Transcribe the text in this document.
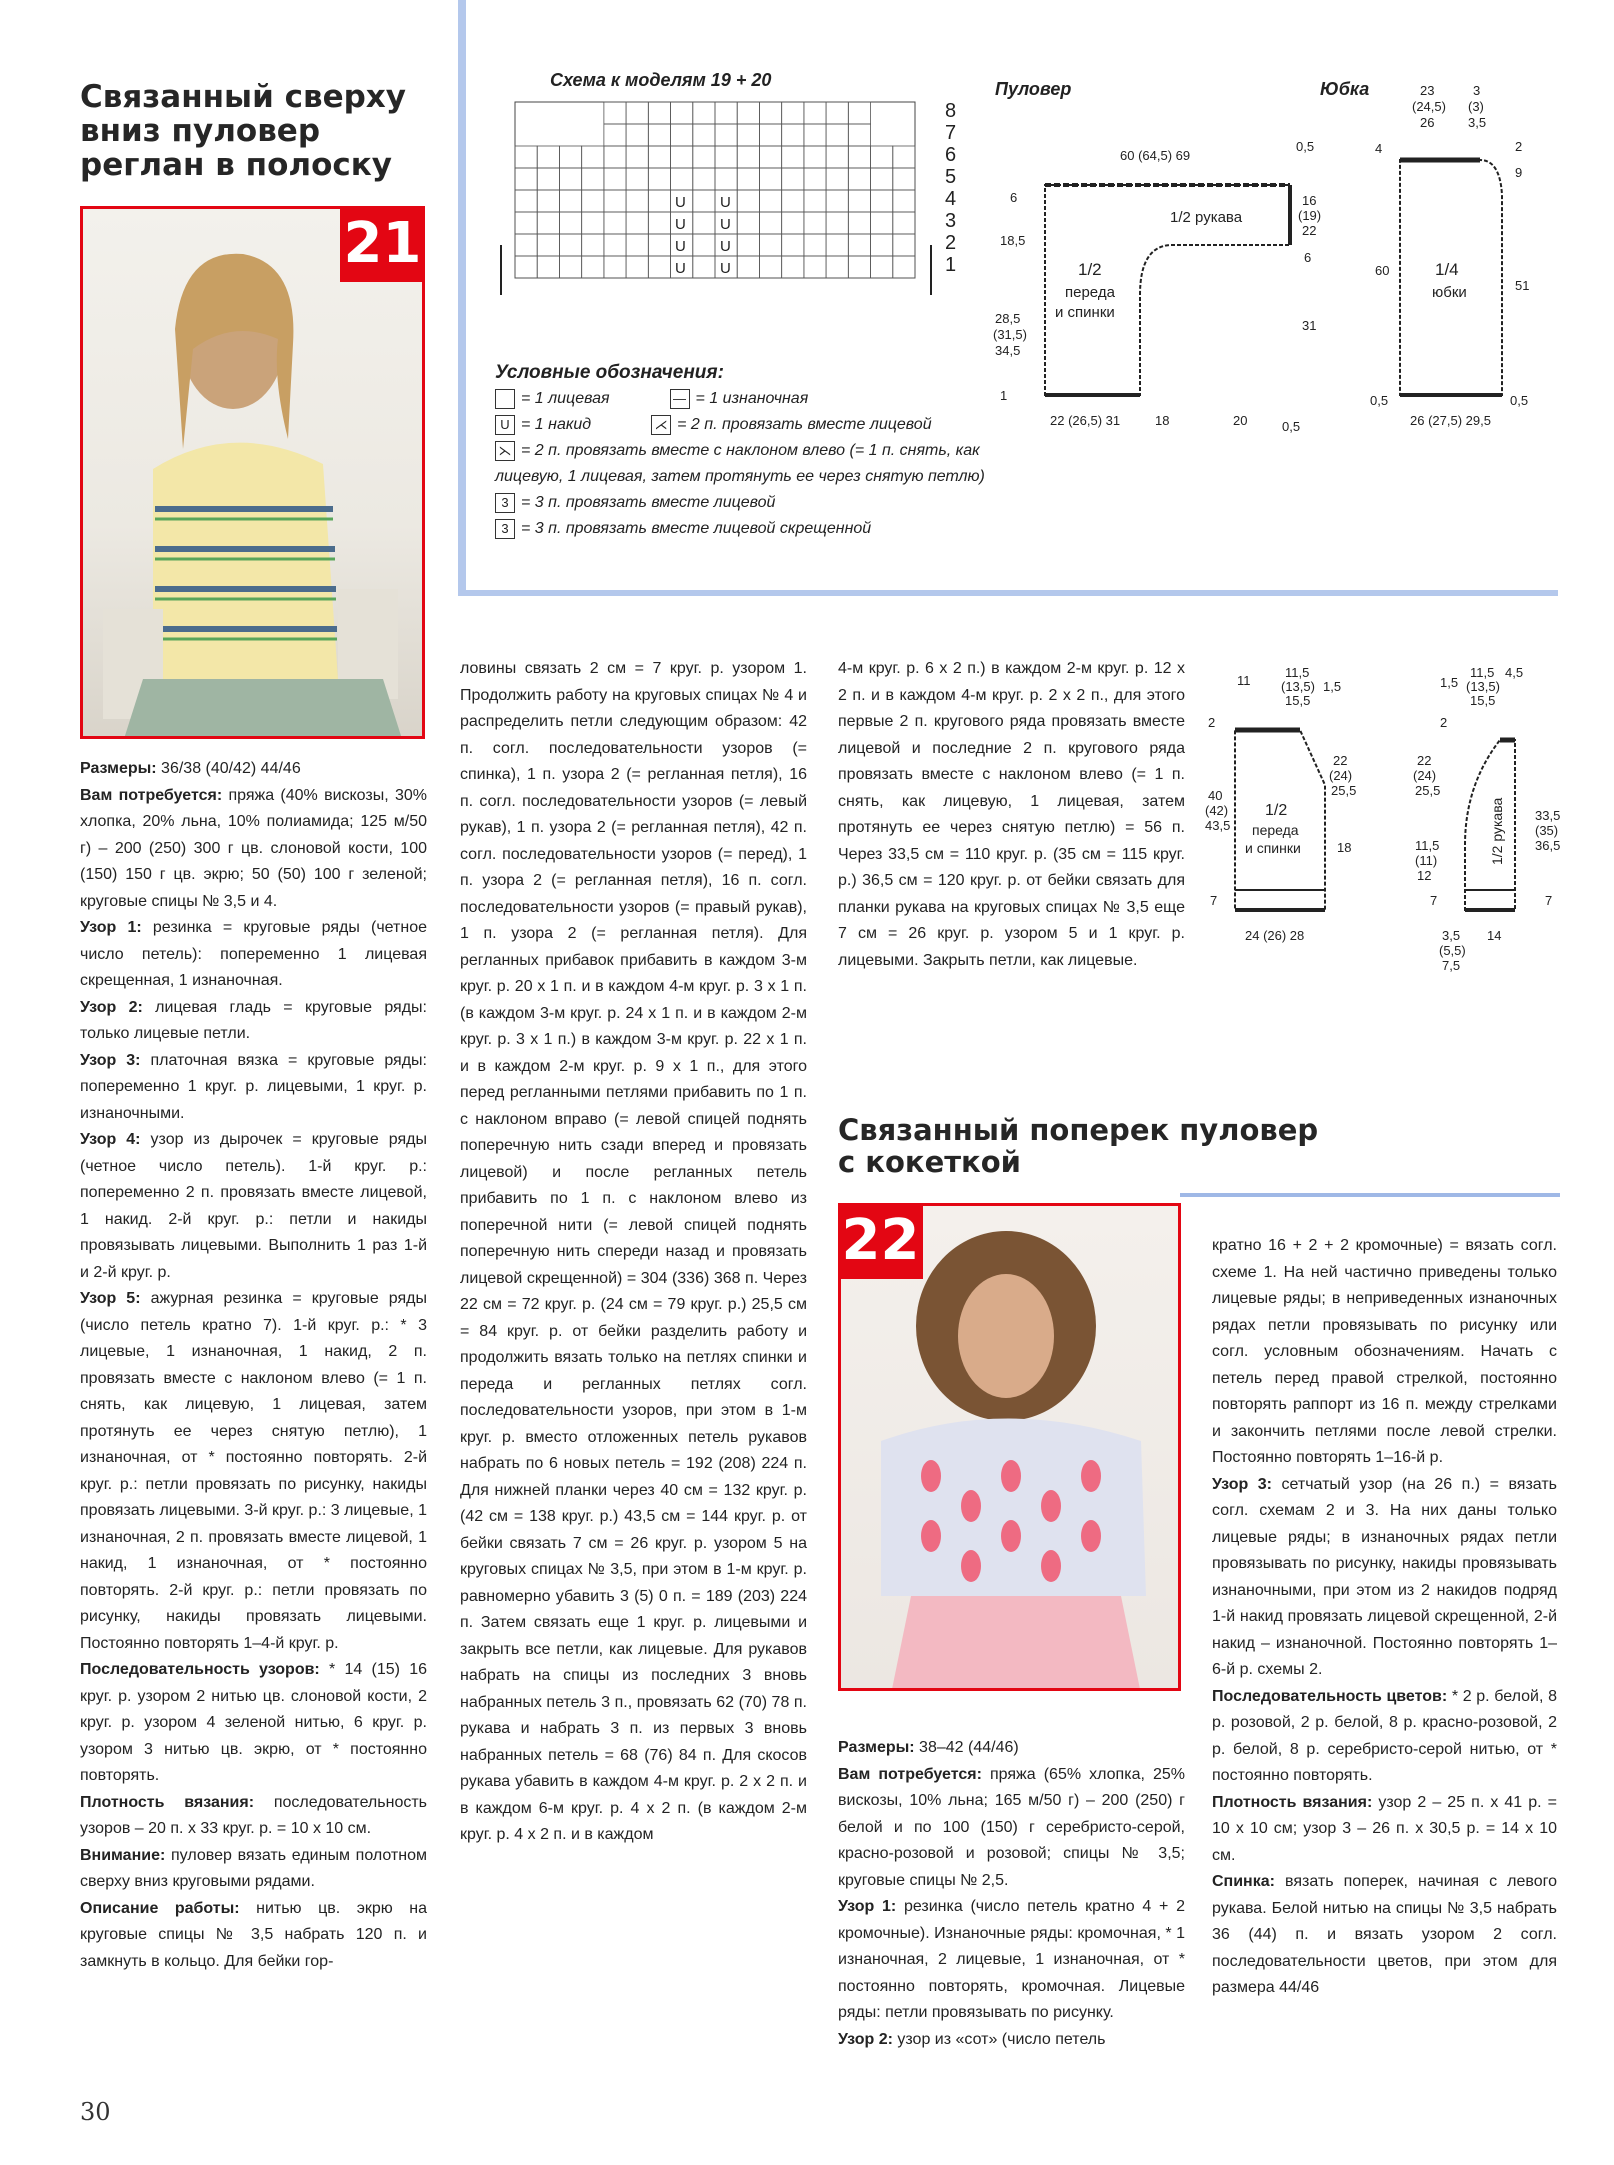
Связанный сверху
вниз пуловер
реглан в полоску
21
Схема к моделям 19 + 20
8
7
6
5
4
3
2
1
U U
U U
U U
U U
Условные обозначения:
= 1 лицевая	— = 1 изнаночная
U = 1 накид	⋌ = 2 п. провязать вместе лицевой
⋋ = 2 п. провязать вместе с наклоном влево (= 1 п. снять, как
лицевую, 1 лицевая, затем протянуть ее через снятую петлю)
3 = 3 п. провязать вместе лицевой
3 = 3 п. провязать вместе лицевой скрещенной
Пуловер
60 (64,5) 69
1/2 рукава
1/2
переда
и спинки
6
18,5
28,5
(31,5)
34,5
1
0,5
16
(19)
22
6
31
22 (26,5) 31	18	20	0,5
Юбка	23
(24,5)
26
3
(3)
3,5
4	2
9
60
51
1/4
юбки
0,5
26 (27,5) 29,5
0,5
11
11,5
(13,5)
15,5
1,5
2
40
(42)
43,5
22
(24)
25,5
18
7
1/2
переда
и спинки
24 (26) 28
11,5
(13,5)
15,5
1,5
4,5
2
22
(24)
25,5
11,5
(11)
12
7
33,5
(35)
36,5
7
1/2 рукава
3,5
(5,5)
7,5
14
Связанный поперек пуловер
с кокеткой
22

Размеры: 36/38 (40/42) 44/46

Вам потребуется: пряжа (40% вискозы, 30% хлопка, 20% льна, 10% полиамида; 125 м/50 г) – 200 (250) 300 г цв. слоновой кости, 100 (150) 150 г цв. экрю; 50 (50) 100 г зеленой; круговые спицы № 3,5 и 4.

Узор 1: резинка = круговые ряды (четное число петель): попеременно 1 лицевая скрещенная, 1 изнаночная.

Узор 2: лицевая гладь = круговые ряды: только лицевые петли.

Узор 3: платочная вязка = круговые ряды: попеременно 1 круг. р. лицевыми, 1 круг. р. изнаночными.

Узор 4: узор из дырочек = круговые ряды (четное число петель). 1-й круг. р.: попеременно 2 п. провязать вместе лицевой, 1 накид. 2-й круг. р.: петли и накиды провязывать лицевыми. Выполнить 1 раз 1-й и 2-й круг. р.

Узор 5: ажурная резинка = круговые ряды (число петель кратно 7). 1-й круг. р.: * 3 лицевые, 1 изнаночная, 1 накид, 2 п. провязать вместе с наклоном влево (= 1 п. снять, как лицевую, 1 лицевая, затем протянуть ее через снятую петлю), 1 изнаночная, от * постоянно повторять. 2-й круг. р.: петли провязать по рисунку, накиды провязать лицевыми. 3-й круг. р.: 3 лицевые, 1 изнаночная, 2 п. провязать вместе лицевой, 1 накид, 1 изнаночная, от * постоянно повторять. 2-й круг. р.: петли провязать по рисунку, накиды провязать лицевыми. Постоянно повторять 1–4-й круг. р.

Последовательность узоров: * 14 (15) 16 круг. р. узором 2 нитью цв. слоновой кости, 2 круг. р. узором 4 зеленой нитью, 6 круг. р. узором 3 нитью цв. экрю, от * постоянно повторять.

Плотность вязания: последовательность узоров – 20 п. х 33 круг. р. = 10 х 10 см.

Внимание: пуловер вязать единым полотном сверху вниз круговыми рядами.

Описание работы: нитью цв. экрю на круговые спицы № 3,5 набрать 120 п. и замкнуть в кольцо. Для бейки гор-

ловины связать 2 см = 7 круг. р. узором 1. Продолжить работу на круговых спицах № 4 и распределить петли следующим образом: 42 п. согл. последовательности узоров (= спинка), 1 п. узора 2 (= регланная петля), 16 п. согл. последовательности узоров (= левый рукав), 1 п. узора 2 (= регланная петля), 42 п. согл. последовательности узоров (= перед), 1 п. узора 2 (= регланная петля), 16 п. согл. последовательности узоров (= правый рукав), 1 п. узора 2 (= регланная петля). Для регланных прибавок прибавить в каждом 3-м круг. р. 20 х 1 п. и в каждом 4-м круг. р. 3 х 1 п. (в каждом 3-м круг. р. 24 х 1 п. и в каждом 2-м круг. р. 3 х 1 п.) в каждом 3-м круг. р. 22 х 1 п. и в каждом 2-м круг. р. 9 х 1 п., для этого перед регланными петлями прибавить по 1 п. с наклоном вправо (= левой спицей поднять поперечную нить сзади вперед и провязать лицевой) и после регланных петель прибавить по 1 п. с наклоном влево из поперечной нити (= левой спицей поднять поперечную нить спереди назад и провязать лицевой скрещенной) = 304 (336) 368 п. Через 22 см = 72 круг. р. (24 см = 79 круг. р.) 25,5 см = 84 круг. р. от бейки разделить работу и продолжить вязать только на петлях спинки и переда и регланных петлях согл. последовательности узоров, при этом в 1-м круг. р. вместо отложенных петель рукавов набрать по 6 новых петель = 192 (208) 224 п. Для нижней планки через 40 см = 132 круг. р. (42 см = 138 круг. р.) 43,5 см = 144 круг. р. от бейки связать 7 см = 26 круг. р. узором 5 на круговых спицах № 3,5, при этом в 1-м круг. р. равномерно убавить 3 (5) 0 п. = 189 (203) 224 п. Затем связать еще 1 круг. р. лицевыми и закрыть все петли, как лицевые. Для рукавов набрать на спицы из последних 3 вновь набранных петель 3 п., провязать 62 (70) 78 п. рукава и набрать 3 п. из первых 3 вновь набранных петель = 68 (76) 84 п. Для скосов рукава убавить в каждом 4-м круг. р. 2 х 2 п. и в каждом 6-м круг. р. 4 х 2 п. (в каждом 2-м круг. р. 4 х 2 п. и в каждом

4-м круг. р. 6 х 2 п.) в каждом 2-м круг. р. 12 х 2 п. и в каждом 4-м круг. р. 2 х 2 п., для этого первые 2 п. кругового ряда провязать вместе лицевой и последние 2 п. кругового ряда провязать вместе с наклоном влево (= 1 п. снять, как лицевую, 1 лицевая, затем протянуть ее через снятую петлю) = 56 п. Через 33,5 см = 110 круг. р. (35 см = 115 круг. р.) 36,5 см = 120 круг. р. от бейки связать для планки рукава на круговых спицах № 3,5 еще 7 см = 26 круг. р. узором 5 и 1 круг. р. лицевыми. Закрыть петли, как лицевые.

Размеры: 38–42 (44/46)

Вам потребуется: пряжа (65% хлопка, 25% вискозы, 10% льна; 165 м/50 г) – 200 (250) г белой и по 100 (150) г серебристо-серой, красно-розовой и розовой; спицы № 3,5; круговые спицы № 2,5.

Узор 1: резинка (число петель кратно 4 + 2 кромочные). Изнаночные ряды: кромочная, * 1 изнаночная, 2 лицевые, 1 изнаночная, от * постоянно повторять, кромочная. Лицевые ряды: петли провязывать по рисунку.

Узор 2: узор из «сот» (число петель

кратно 16 + 2 + 2 кромочные) = вязать согл. схеме 1. На ней частично приведены только лицевые ряды; в неприведенных изнаночных рядах петли провязывать по рисунку или согл. условным обозначениям. Начать с петель перед правой стрелкой, постоянно повторять раппорт из 16 п. между стрелками и закончить петлями после левой стрелки. Постоянно повторять 1–16-й р.

Узор 3: сетчатый узор (на 26 п.) = вязать согл. схемам 2 и 3. На них даны только лицевые ряды; в изнаночных рядах петли провязывать по рисунку, накиды провязывать изнаночными, при этом из 2 накидов подряд 1-й накид провязать лицевой скрещенной, 2-й накид – изнаночной. Постоянно повторять 1–6-й р. схемы 2.

Последовательность цветов: * 2 р. белой, 8 р. розовой, 2 р. белой, 8 р. красно-розовой, 2 р. белой, 8 р. серебристо-серой нитью, от * постоянно повторять.

Плотность вязания: узор 2 – 25 п. х 41 р. = 10 х 10 см; узор 3 – 26 п. х 30,5 р. = 14 х 10 см.

Спинка: вязать поперек, начиная с левого рукава. Белой нитью на спицы № 3,5 набрать 36 (44) п. и вязать узором 2 согл. последовательности цветов, при этом для размера 44/46

30
